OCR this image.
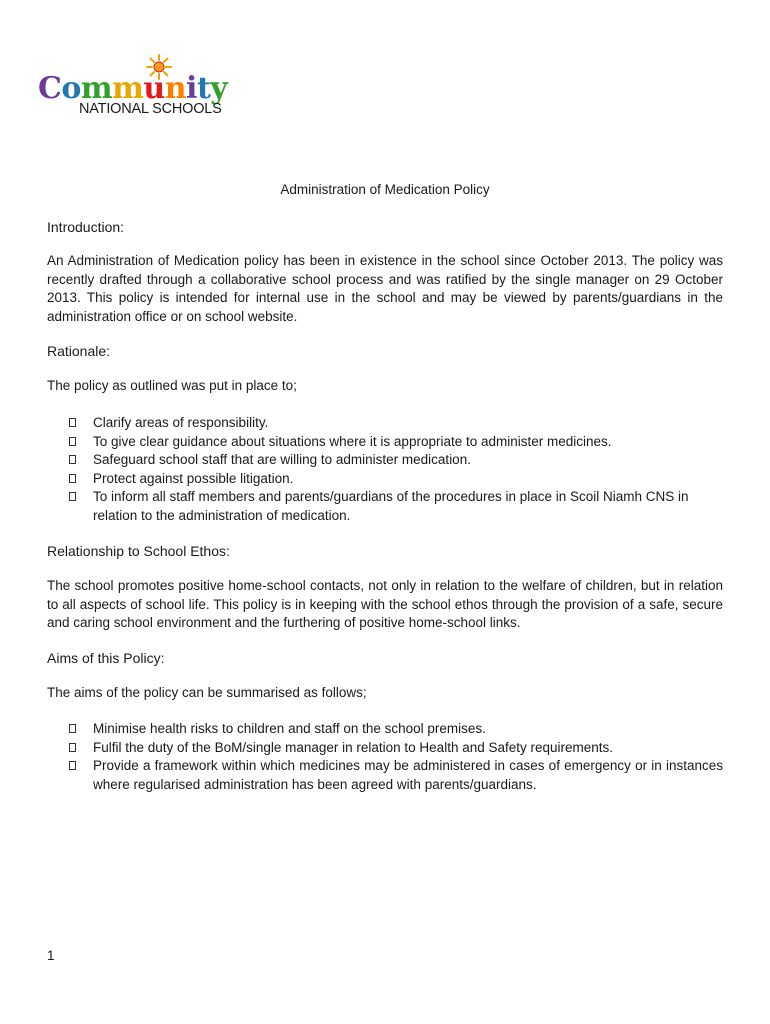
Community
NATIONAL SCHOOLS
Administration of Medication Policy
Introduction:
An Administration of Medication policy has been in existence in the school since October 2013. The policy was recently drafted through a collaborative school process and was ratified by the single manager on 29 October 2013. This policy is intended for internal use in the school and may be viewed by parents/guardians in the administration office or on school website.
Rationale:
The policy as outlined was put in place to;
Clarify areas of responsibility.
To give clear guidance about situations where it is appropriate to administer medicines.
Safeguard school staff that are willing to administer medication.
Protect against possible litigation.
To inform all staff members and parents/guardians of the procedures in place in Scoil Niamh CNS in relation to the administration of medication.
Relationship to School Ethos:
The school promotes positive home-school contacts, not only in relation to the welfare of children, but in relation to all aspects of school life. This policy is in keeping with the school ethos through the provision of a safe, secure and caring school environment and the furthering of positive home-school links.
Aims of this Policy:
The aims of the policy can be summarised as follows;
Minimise health risks to children and staff on the school premises.
Fulfil the duty of the BoM/single manager in relation to Health and Safety requirements.
Provide a framework within which medicines may be administered in cases of emergency or in instances where regularised administration has been agreed with parents/guardians.
1
